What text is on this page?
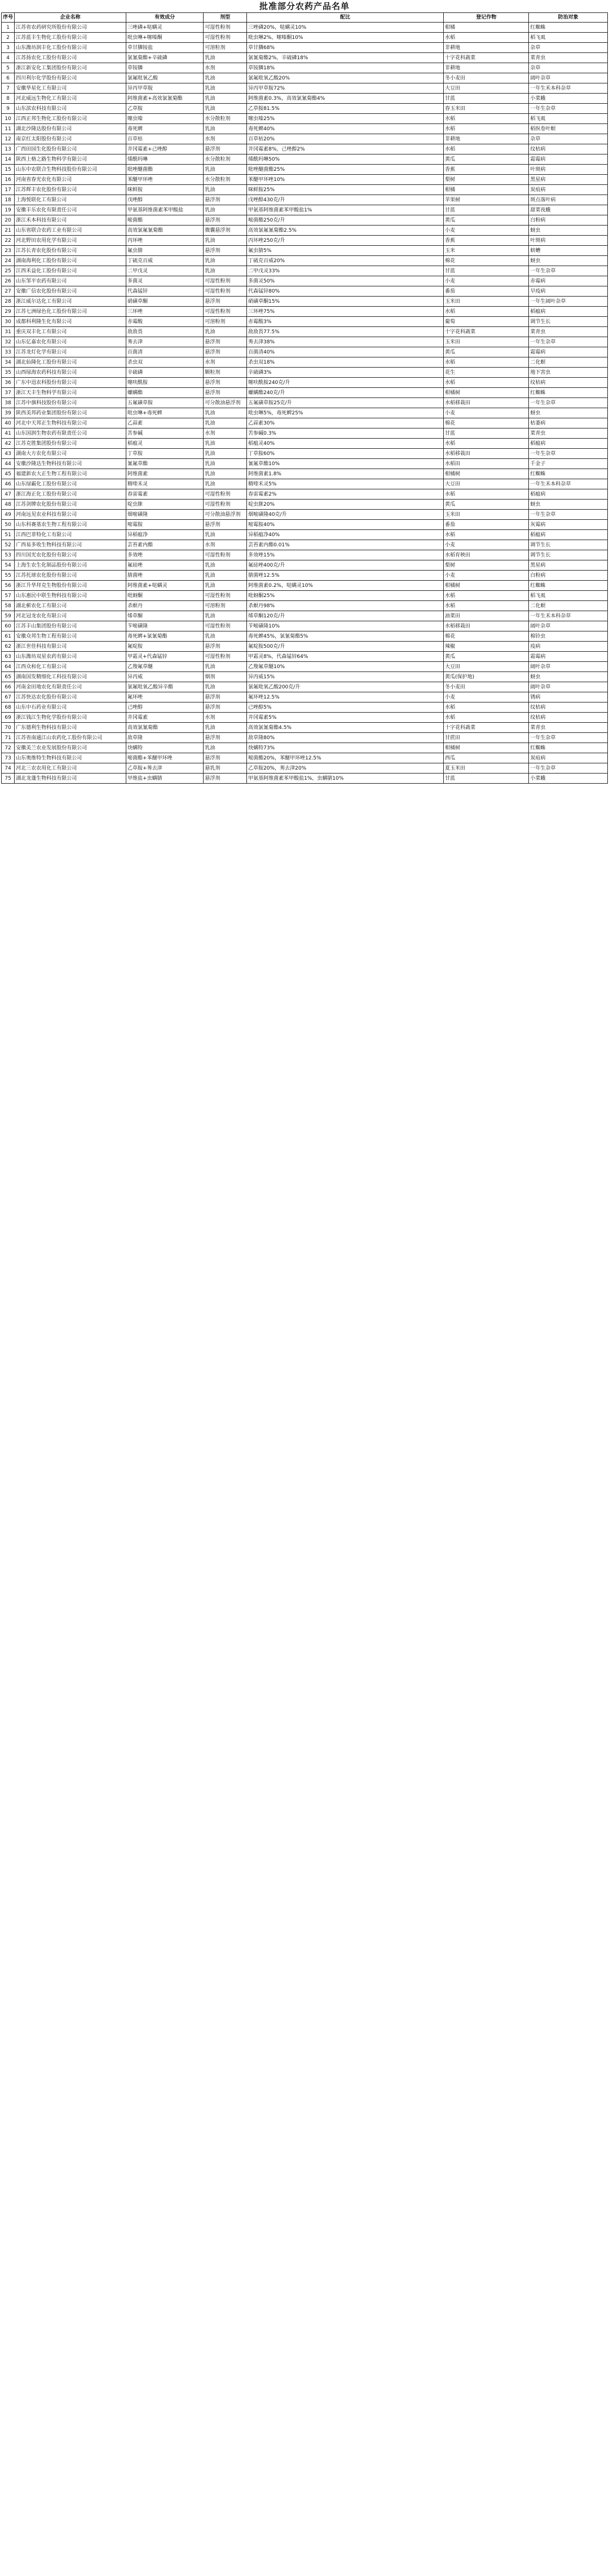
批准部分农药产品名单
序号	企业名称	有效成分	剂型	配比	登记作物	防治对象
1	江苏省农药研究所股份有限公司	三唑磷+哒螨灵	可湿性粉剂	三唑磷20%，哒螨灵10%	柑橘	红蜘蛛
2	江苏蓝丰生物化工股份有限公司	吡虫啉+噻嗪酮	可湿性粉剂	吡虫啉2%，噻嗪酮10%	水稻	稻飞虱
3	山东潍坊润丰化工股份有限公司	草甘膦铵盐	可溶粒剂	草甘膦68%	非耕地	杂草
4	江苏扬农化工股份有限公司	氯氰菊酯+辛硫磷	乳油	氯氰菊酯2%，辛硫磷18%	十字花科蔬菜	菜青虫
5	浙江新安化工集团股份有限公司	草铵膦	水剂	草铵膦18%	非耕地	杂草
6	四川利尔化学股份有限公司	氯氟吡氧乙酸	乳油	氯氟吡氧乙酸20%	冬小麦田	阔叶杂草
7	安徽华星化工有限公司	异丙甲草胺	乳油	异丙甲草胺72%	大豆田	一年生禾本科杂草
8	河北威远生物化工有限公司	阿维菌素+高效氯氰菊酯	乳油	阿维菌素0.3%，高效氯氰菊酯4%	甘蓝	小菜蛾
9	山东滨农科技有限公司	乙草胺	乳油	乙草胺81.5%	春玉米田	一年生杂草
10	江西正邦生物化工股份有限公司	噻虫嗪	水分散粒剂	噻虫嗪25%	水稻	稻飞虱
11	湖北沙隆达股份有限公司	毒死蜱	乳油	毒死蜱40%	水稻	稻纵卷叶螟
12	南京红太阳股份有限公司	百草枯	水剂	百草枯20%	非耕地	杂草
13	广西田园生化股份有限公司	井冈霉素+己唑醇	悬浮剂	井冈霉素8%，己唑醇2%	水稻	纹枯病
14	陕西上格之路生物科学有限公司	烯酰吗啉	水分散粒剂	烯酰吗啉50%	黄瓜	霜霉病
15	山东中农联合生物科技股份有限公司	吡唑醚菌酯	乳油	吡唑醚菌酯25%	香蕉	叶斑病
16	河南省春光农化有限公司	苯醚甲环唑	水分散粒剂	苯醚甲环唑10%	梨树	黑星病
17	江苏辉丰农化股份有限公司	咪鲜胺	乳油	咪鲜胺25%	柑橘	炭疽病
18	上海悦联化工有限公司	戊唑醇	悬浮剂	戊唑醇430克/升	苹果树	斑点落叶病
19	安徽丰乐农化有限责任公司	甲氨基阿维菌素苯甲酸盐	乳油	甲氨基阿维菌素苯甲酸盐1%	甘蓝	甜菜夜蛾
20	浙江禾本科技有限公司	嘧菌酯	悬浮剂	嘧菌酯250克/升	黄瓜	白粉病
21	山东省联合农药工业有限公司	高效氯氟氰菊酯	微囊悬浮剂	高效氯氟氰菊酯2.5%	小麦	蚜虫
22	河北野田农用化学有限公司	丙环唑	乳油	丙环唑250克/升	香蕉	叶斑病
23	江苏长青农化股份有限公司	氟虫腈	悬浮剂	氟虫腈5%	玉米	蛴螬
24	湖南海利化工股份有限公司	丁硫克百威	乳油	丁硫克百威20%	棉花	蚜虫
25	江西禾益化工股份有限公司	二甲戊灵	乳油	二甲戊灵33%	甘蓝	一年生杂草
26	山东邹平农药有限公司	多菌灵	可湿性粉剂	多菌灵50%	小麦	赤霉病
27	安徽广信农化股份有限公司	代森锰锌	可湿性粉剂	代森锰锌80%	番茄	早疫病
28	浙江威尔达化工有限公司	硝磺草酮	悬浮剂	硝磺草酮15%	玉米田	一年生阔叶杂草
29	江苏七洲绿色化工股份有限公司	三环唑	可湿性粉剂	三环唑75%	水稻	稻瘟病
30	成都科利隆生化有限公司	赤霉酸	可溶粉剂	赤霉酸3%	葡萄	调节生长
31	重庆双丰化工有限公司	敌敌畏	乳油	敌敌畏77.5%	十字花科蔬菜	菜青虫
32	山东亿嘉农化有限公司	莠去津	悬浮剂	莠去津38%	玉米田	一年生杂草
33	江苏龙灯化学有限公司	百菌清	悬浮剂	百菌清40%	黄瓜	霜霉病
34	湖北仙隆化工股份有限公司	杀虫双	水剂	杀虫双18%	水稻	二化螟
35	山西绿海农药科技有限公司	辛硫磷	颗粒剂	辛硫磷3%	花生	地下害虫
36	广东中迅农科股份有限公司	噻呋酰胺	悬浮剂	噻呋酰胺240克/升	水稻	纹枯病
37	浙江天丰生物科学有限公司	螺螨酯	悬浮剂	螺螨酯240克/升	柑橘树	红蜘蛛
38	江苏中旗科技股份有限公司	五氟磺草胺	可分散油悬浮剂	五氟磺草胺25克/升	水稻移栽田	一年生杂草
39	陕西美邦药业集团股份有限公司	吡虫啉+毒死蜱	乳油	吡虫啉5%，毒死蜱25%	小麦	蚜虫
40	河北中天邦正生物科技有限公司	乙蒜素	乳油	乙蒜素30%	棉花	枯萎病
41	山东国润生物农药有限责任公司	苦参碱	水剂	苦参碱0.3%	甘蓝	菜青虫
42	江苏克胜集团股份有限公司	稻瘟灵	乳油	稻瘟灵40%	水稻	稻瘟病
43	湖南大方农化有限公司	丁草胺	乳油	丁草胺60%	水稻移栽田	一年生杂草
44	安徽沙隆达生物科技有限公司	氰氟草酯	乳油	氰氟草酯10%	水稻田	千金子
45	福建新农大正生物工程有限公司	阿维菌素	乳油	阿维菌素1.8%	柑橘树	红蜘蛛
46	山东绿霸化工股份有限公司	精喹禾灵	乳油	精喹禾灵5%	大豆田	一年生禾本科杂草
47	浙江海正化工股份有限公司	春雷霉素	可湿性粉剂	春雷霉素2%	水稻	稻瘟病
48	江苏剑牌农化股份有限公司	啶虫脒	可湿性粉剂	啶虫脒20%	黄瓜	蚜虫
49	河南远见农业科技有限公司	烟嘧磺隆	可分散油悬浮剂	烟嘧磺隆40克/升	玉米田	一年生杂草
50	山东科赛基农生物工程有限公司	嘧霉胺	悬浮剂	嘧霉胺40%	番茄	灰霉病
51	江西巴菲特化工有限公司	异稻瘟净	乳油	异稻瘟净40%	水稻	稻瘟病
52	广西易多收生物科技有限公司	芸苔素内酯	水剂	芸苔素内酯0.01%	小麦	调节生长
53	四川国光农化股份有限公司	多效唑	可湿性粉剂	多效唑15%	水稻育秧田	调节生长
54	上海生农生化制品股份有限公司	氟硅唑	乳油	氟硅唑400克/升	梨树	黑星病
55	江苏托球农化股份有限公司	腈菌唑	乳油	腈菌唑12.5%	小麦	白粉病
56	浙江升华拜克生物股份有限公司	阿维菌素+哒螨灵	乳油	阿维菌素0.2%，哒螨灵10%	柑橘树	红蜘蛛
57	山东惠民中联生物科技有限公司	吡蚜酮	可湿性粉剂	吡蚜酮25%	水稻	稻飞虱
58	湖北蕲农化工有限公司	杀螟丹	可溶粉剂	杀螟丹98%	水稻	二化螟
59	河北冠龙农化有限公司	烯草酮	乳油	烯草酮120克/升	油菜田	一年生禾本科杂草
60	江苏丰山集团股份有限公司	苄嘧磺隆	可湿性粉剂	苄嘧磺隆10%	水稻移栽田	阔叶杂草
61	安徽众邦生物工程有限公司	毒死蜱+氯氰菊酯	乳油	毒死蜱45%，氯氰菊酯5%	棉花	棉铃虫
62	浙江世佳科技有限公司	氟啶胺	悬浮剂	氟啶胺500克/升	辣椒	疫病
63	山东潍坊双星农药有限公司	甲霜灵+代森锰锌	可湿性粉剂	甲霜灵8%，代森锰锌64%	黄瓜	霜霉病
64	江西众和化工有限公司	乙羧氟草醚	乳油	乙羧氟草醚10%	大豆田	阔叶杂草
65	湖南国发精细化工科技有限公司	异丙威	烟剂	异丙威15%	黄瓜(保护地)	蚜虫
66	河南金田地农化有限责任公司	氯氟吡氧乙酸异辛酯	乳油	氯氟吡氧乙酸200克/升	冬小麦田	阔叶杂草
67	江苏快达农化股份有限公司	氟环唑	悬浮剂	氟环唑12.5%	小麦	锈病
68	山东中石药业有限公司	己唑醇	悬浮剂	己唑醇5%	水稻	纹枯病
69	浙江钱江生物化学股份有限公司	井冈霉素	水剂	井冈霉素5%	水稻	纹枯病
70	广东德利生物科技有限公司	高效氯氰菊酯	乳油	高效氯氰菊酯4.5%	十字花科蔬菜	菜青虫
71	江苏省南通江山农药化工股份有限公司	敌草隆	悬浮剂	敌草隆80%	甘蔗田	一年生杂草
72	安徽美兰农业发展股份有限公司	炔螨特	乳油	炔螨特73%	柑橘树	红蜘蛛
73	山东奥维特生物科技有限公司	嘧菌酯+苯醚甲环唑	悬浮剂	嘧菌酯20%，苯醚甲环唑12.5%	西瓜	炭疽病
74	河北三农农用化工有限公司	乙草胺+莠去津	悬乳剂	乙草胺20%，莠去津20%	夏玉米田	一年生杂草
75	湖北龙蓬生物科技有限公司	甲维盐+虫螨腈	悬浮剂	甲氨基阿维菌素苯甲酸盐1%，虫螨腈10%	甘蓝	小菜蛾
